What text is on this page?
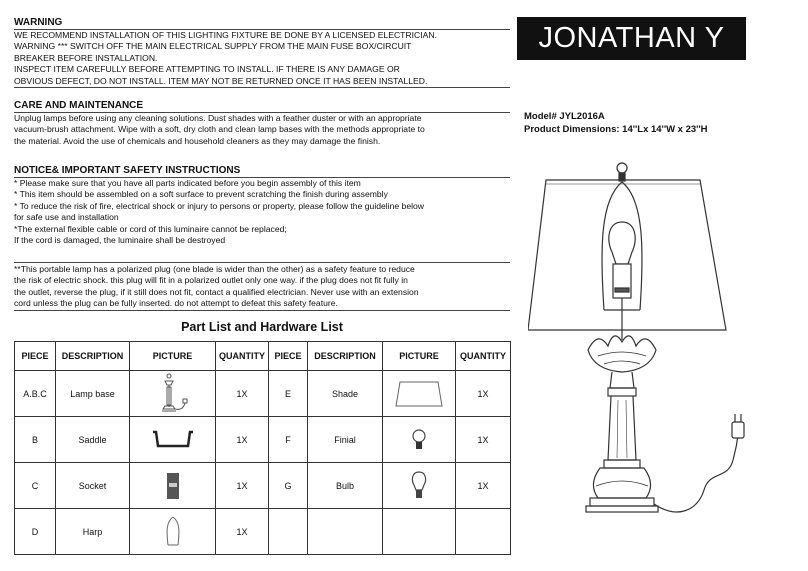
WARNING
WE RECOMMEND INSTALLATION OF THIS LIGHTING FIXTURE BE DONE BY A LICENSED ELECTRICIAN.
WARNING *** SWITCH OFF THE MAIN ELECTRICAL SUPPLY FROM THE MAIN FUSE BOX/CIRCUIT
BREAKER BEFORE INSTALLATION.
INSPECT ITEM CAREFULLY BEFORE ATTEMPTING TO INSTALL. IF THERE IS ANY DAMAGE OR
OBVIOUS DEFECT, DO NOT INSTALL. ITEM MAY NOT BE RETURNED ONCE IT HAS BEEN INSTALLED.
CARE AND MAINTENANCE
Unplug lamps before using any cleaning solutions. Dust shades with a feather duster or with an appropriate
vacuum-brush attachment. Wipe with a soft, dry cloth and clean lamp bases with the methods appropriate to
the material. Avoid the use of chemicals and household cleaners as they may damage the finish.
NOTICE& IMPORTANT SAFETY INSTRUCTIONS
* Please make sure that you have all parts indicated before you begin assembly of this item
* This item should be assembled on a soft surface to prevent scratching the finish during assembly
* To reduce the risk of fire, electrical shock or injury to persons or property, please follow the guideline below
for safe use and installation
*The external flexible cable or cord of this luminaire cannot be replaced;
If the cord is damaged, the luminaire shall be destroyed
**This portable lamp has a polarized plug (one blade is wider than the other) as a safety feature to reduce
the risk of electric shock. this plug will fit in a polarized outlet only one way. if the plug does not fit fully in
the outlet, reverse the plug, if it still does not fit, contact a qualified electrician. Never use with an extension
cord unless the plug can be fully inserted. do not attempt to defeat this safety feature.
JONATHAN Y
Model# JYL2016A
Product Dimensions: 14''Lx 14''W x 23''H
Part List and Hardware List
PIECE	DESCRIPTION	PICTURE	QUANTITY	PIECE	DESCRIPTION	PICTURE	QUANTITY
A.B.C	Lamp base		1X	E	Shade		1X
B	Saddle		1X	F	Finial		1X
C	Socket		1X	G	Bulb		1X
D	Harp		1X				
